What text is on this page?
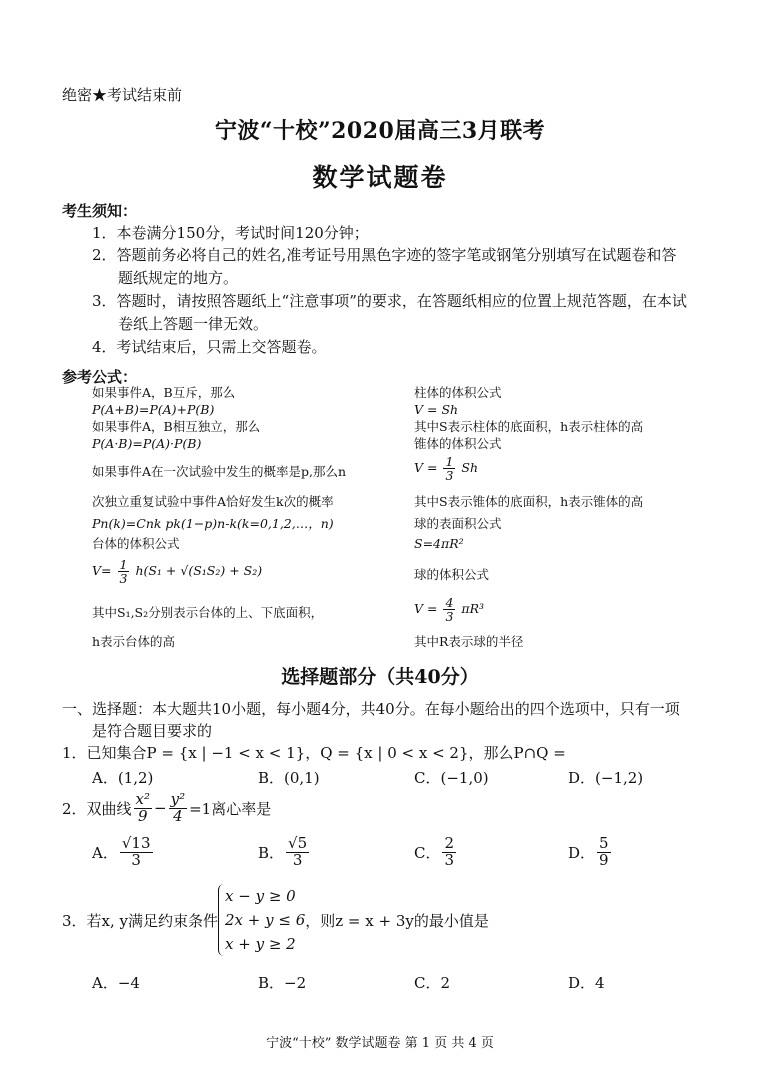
绝密★考试结束前
宁波“十校”2020届高三3月联考
数学试题卷
考生须知：
1．本卷满分150分，考试时间120分钟；
2．答题前务必将自己的姓名,准考证号用黑色字迹的签字笔或钢笔分别填写在试题卷和答
题纸规定的地方。
3．答题时，请按照答题纸上“注意事项”的要求，在答题纸相应的位置上规范答题，在本试
卷纸上答题一律无效。
4．考试结束后，只需上交答题卷。
参考公式：
如果事件A，B互斥，那么
P(A+B)=P(A)+P(B)
如果事件A，B相互独立，那么
P(A·B)=P(A)·P(B)
如果事件A在一次试验中发生的概率是p,那么n
次独立重复试验中事件A恰好发生k次的概率
Pn(k)=Cnk pk(1−p)n-k(k=0,1,2,…，n)
台体的体积公式
$V= \frac{1}{3} h(S_1 + √(S_1S_2) + S_2)$
其中S₁,S₂分别表示台体的上、下底面积，
h表示台体的高
柱体的体积公式
V = Sh
其中S表示柱体的底面积，h表示柱体的高
锥体的体积公式
$V = \frac{1}{3}$ Sh
其中S表示锥体的底面积，h表示锥体的高
球的表面积公式
S=4πR²
球的体积公式
$V = \frac{4}{3} \pi R^3$
其中R表示球的半径
选择题部分（共40分）
一、选择题：本大题共10小题，每小题4分，共40分。在每小题给出的四个选项中，只有一项
是符合题目要求的
1．已知集合P = {x | −1 < x < 1}，Q = {x | 0 < x < 2}，那么P∩Q =
A．(1,2)	B．(0,1)	C．(−1,0)	D．(−1,2)
2．双曲线 $\frac{\text{x²}}{9} - \frac{\text{y²}}{4} =1$离心率是
A． $\frac{√13}{3}$	B． $\frac{√5}{3}$	C． $\frac{2}{3}$	D． $\frac{5}{9}$
3．若x, y满足约束条件
x − y ≥ 0
2x + y ≤ 6
x + y ≥ 2
，则z = x + 3y的最小值是
A．−4	B．−2	C．2	D．4
宁波“十校” 数学试题卷 第 1 页 共 4 页
